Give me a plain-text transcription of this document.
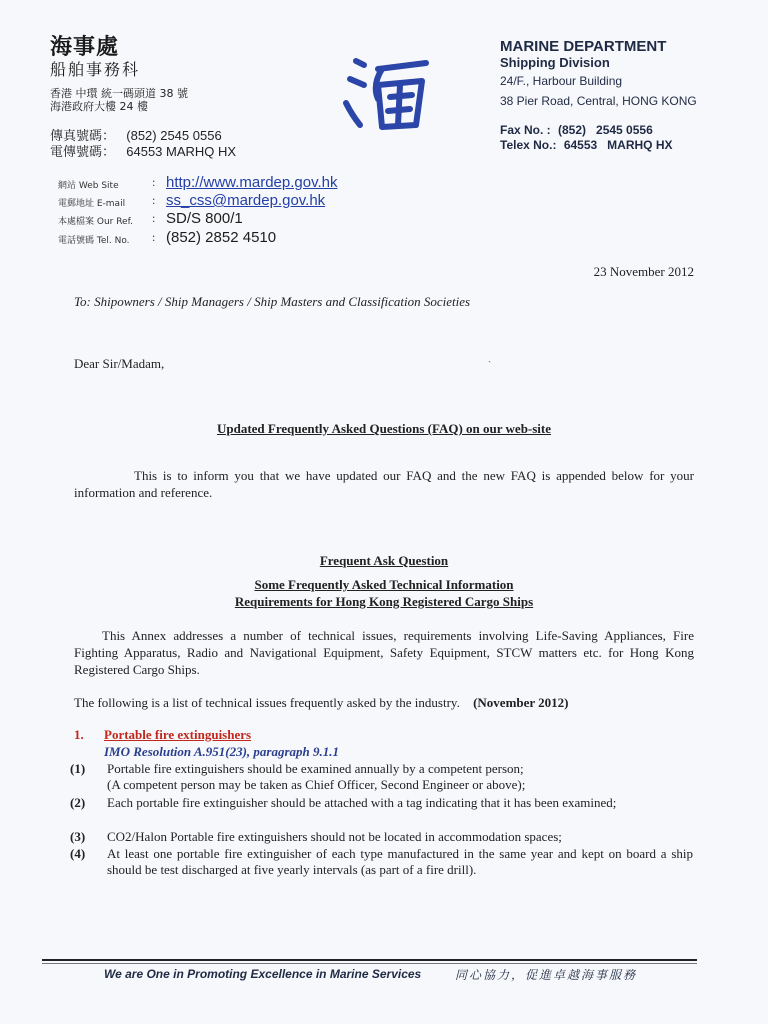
海事處
船舶事務科
香港 中環 統一碼頭道 38 號
海港政府大樓 24 樓
傳真號碼： (852) 2545 0556
電傳號碼： 64553 MARHQ HX
MARINE DEPARTMENT
Shipping Division
24/F., Harbour Building
38 Pier Road, Central, HONG KONG
Fax No. : (852)   2545 0556
Telex No.: 64553   MARHQ HX
網站 Web Site	: http://www.mardep.gov.hk
電郵地址 E-mail : ss_css@mardep.gov.hk
本處檔案 Our Ref. : SD/S 800/1
電話號碼 Tel. No. : (852) 2852 4510
23 November 2012
To: Shipowners / Ship Managers / Ship Masters and Classification Societies
Dear Sir/Madam,	ˎ
Updated Frequently Asked Questions (FAQ) on our web-site
This is to inform you that we have updated our FAQ and the new FAQ is appended below for your information and reference.
Frequent Ask Question
Some Frequently Asked Technical Information
Requirements for Hong Kong Registered Cargo Ships
This Annex addresses a number of technical issues, requirements involving Life-Saving Appliances, Fire Fighting Apparatus, Radio and Navigational Equipment, Safety Equipment, STCW matters etc. for Hong Kong Registered Cargo Ships.
The following is a list of technical issues frequently asked by the industry. (November 2012)
1. Portable fire extinguishers
IMO Resolution A.951(23), paragraph 9.1.1
(1) Portable fire extinguishers should be examined annually by a competent person;
(A competent person may be taken as Chief Officer, Second Engineer or above);
(2) Each portable fire extinguisher should be attached with a tag indicating that it has been examined;
(3) CO2/Halon Portable fire extinguishers should not be located in accommodation spaces;
(4) At least one portable fire extinguisher of each type manufactured in the same year and kept on board a ship should be test discharged at five yearly intervals (as part of a fire drill).
We are One in Promoting Excellence in Marine Services	同心協力，促進卓越海事服務
